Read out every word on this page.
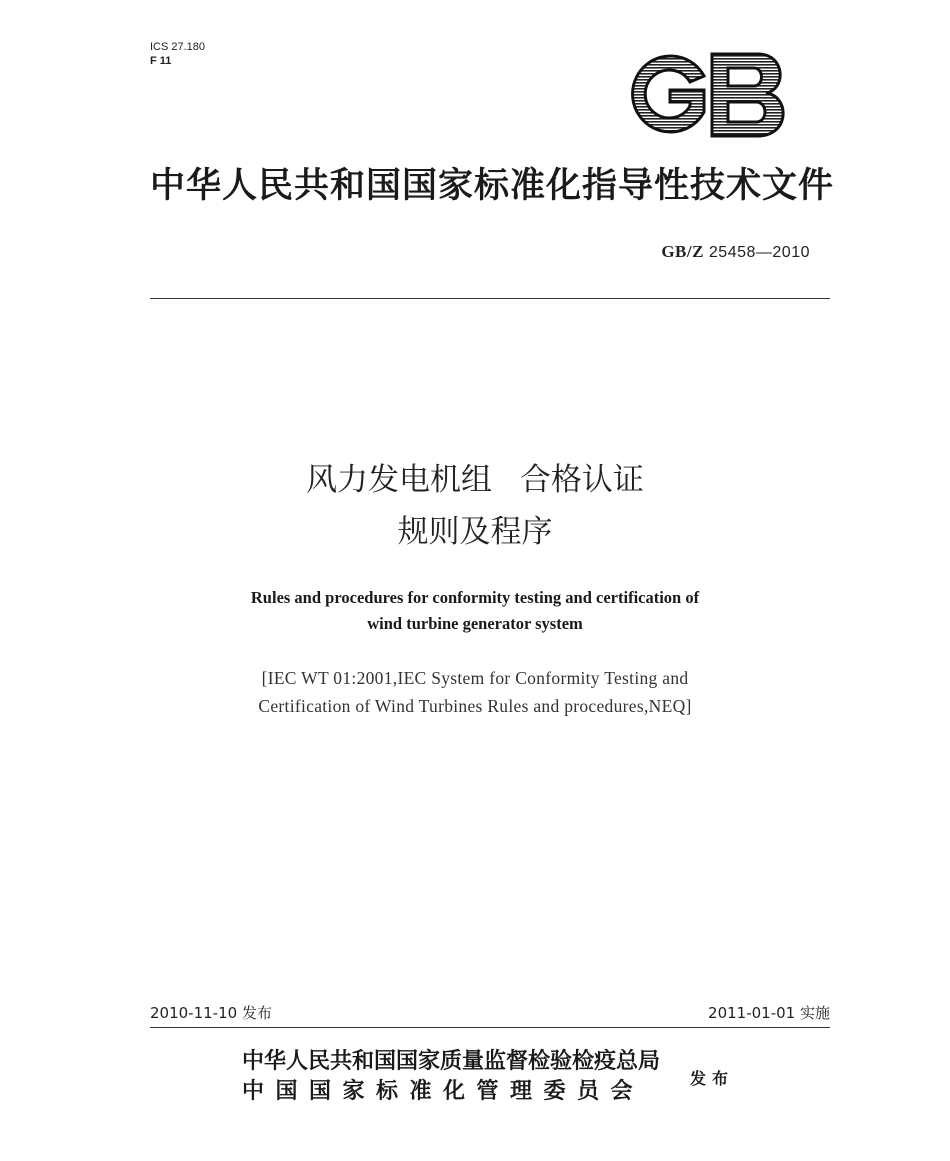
ICS 27.180
F 11
中华人民共和国国家标准化指导性技术文件
GB/Z 25458—2010
风力发电机组 合格认证
规则及程序
Rules and procedures for conformity testing and certification of
wind turbine generator system
[IEC WT 01:2001,IEC System for Conformity Testing and
Certification of Wind Turbines Rules and procedures,NEQ]
2010-11-10 发布	2011-01-01 实施
中华人民共和国国家质量监督检验检疫总局
中国国家标准化管理委员会
发布
